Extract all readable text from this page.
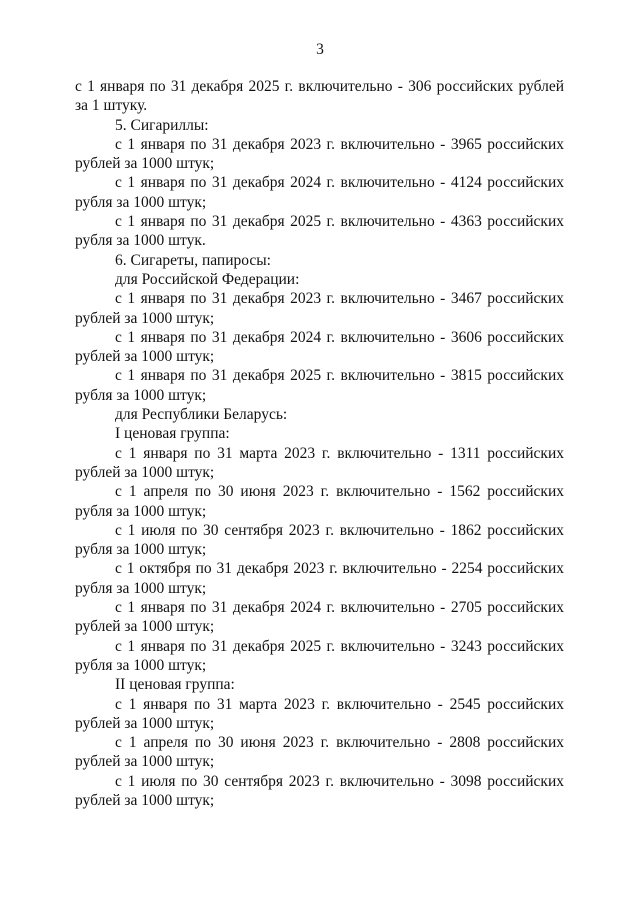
3

с 1 января по 31 декабря 2025 г. включительно - 306 российских рублей за 1 штуку.

5. Сигариллы:

с 1 января по 31 декабря 2023 г. включительно - 3965 российских рублей за 1000 штук;

с 1 января по 31 декабря 2024 г. включительно - 4124 российских рубля за 1000 штук;

с 1 января по 31 декабря 2025 г. включительно - 4363 российских рубля за 1000 штук.

6. Сигареты, папиросы:

для Российской Федерации:

с 1 января по 31 декабря 2023 г. включительно - 3467 российских рублей за 1000 штук;

с 1 января по 31 декабря 2024 г. включительно - 3606 российских рублей за 1000 штук;

с 1 января по 31 декабря 2025 г. включительно - 3815 российских рубля за 1000 штук;

для Республики Беларусь:

I ценовая группа:

с 1 января по 31 марта 2023 г. включительно - 1311 российских рублей за 1000 штук;

с 1 апреля по 30 июня 2023 г. включительно - 1562 российских рубля за 1000 штук;

с 1 июля по 30 сентября 2023 г. включительно - 1862 российских рубля за 1000 штук;

с 1 октября по 31 декабря 2023 г. включительно - 2254 российских рубля за 1000 штук;

с 1 января по 31 декабря 2024 г. включительно - 2705 российских рублей за 1000 штук;

с 1 января по 31 декабря 2025 г. включительно - 3243 российских рубля за 1000 штук;

II ценовая группа:

с 1 января по 31 марта 2023 г. включительно - 2545 российских рублей за 1000 штук;

с 1 апреля по 30 июня 2023 г. включительно - 2808 российских рублей за 1000 штук;

с 1 июля по 30 сентября 2023 г. включительно - 3098 российских рублей за 1000 штук;
